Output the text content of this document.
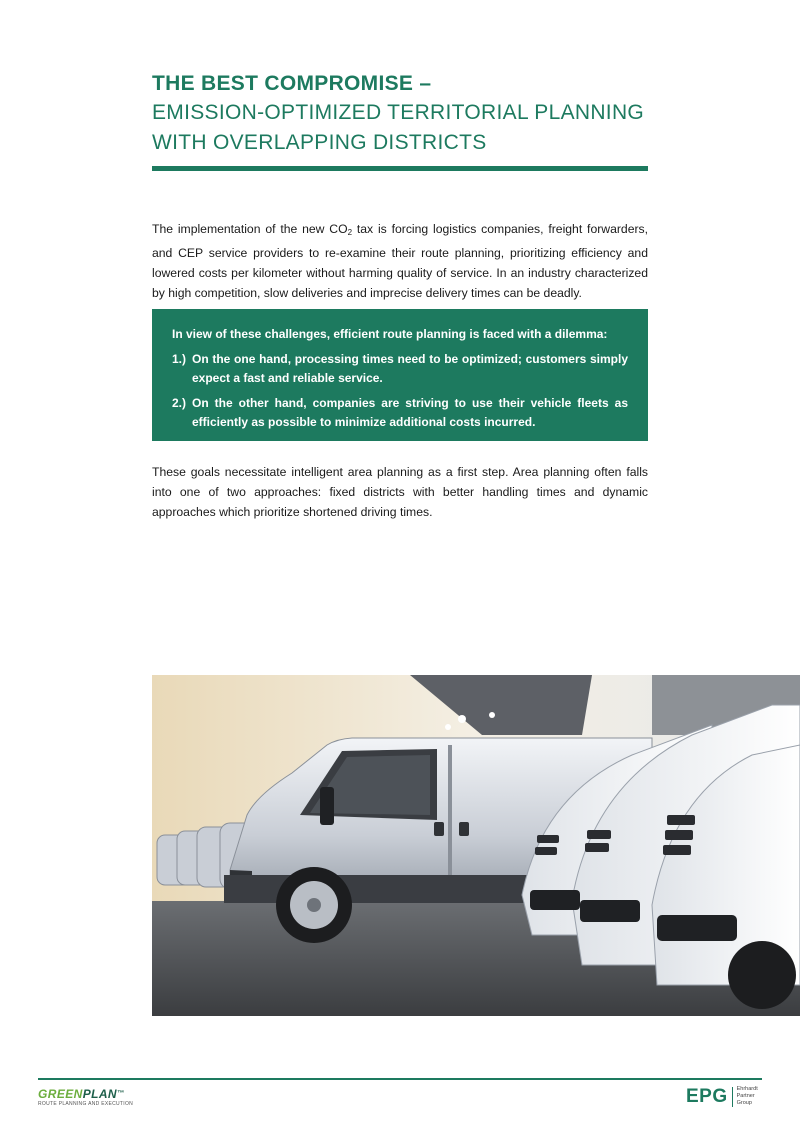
THE BEST COMPROMISE –
EMISSION-OPTIMIZED TERRITORIAL PLANNING
WITH OVERLAPPING DISTRICTS

The implementation of the new $CO_2$ tax is forcing logistics companies, freight forwarders, and CEP service providers to re-examine their route planning, prioritizing efficiency and lowered costs per kilometer without harming quality of service. In an industry characterized by high competition, slow deliveries and imprecise delivery times can be deadly.

In view of these challenges, efficient route planning is faced with a dilemma:
1.) On the one hand, processing times need to be optimized; customers simply expect a fast and reliable service.
2.) On the other hand, companies are striving to use their vehicle fleets as efficiently as possible to minimize additional costs incurred.

These goals necessitate intelligent area planning as a first step. Area planning often falls into one of two approaches: fixed districts with better handling times and dynamic approaches which prioritize shortened driving times.

GREENPLAN™
ROUTE PLANNING AND EXECUTION	EPG Ehrhardt
Partner
Group
